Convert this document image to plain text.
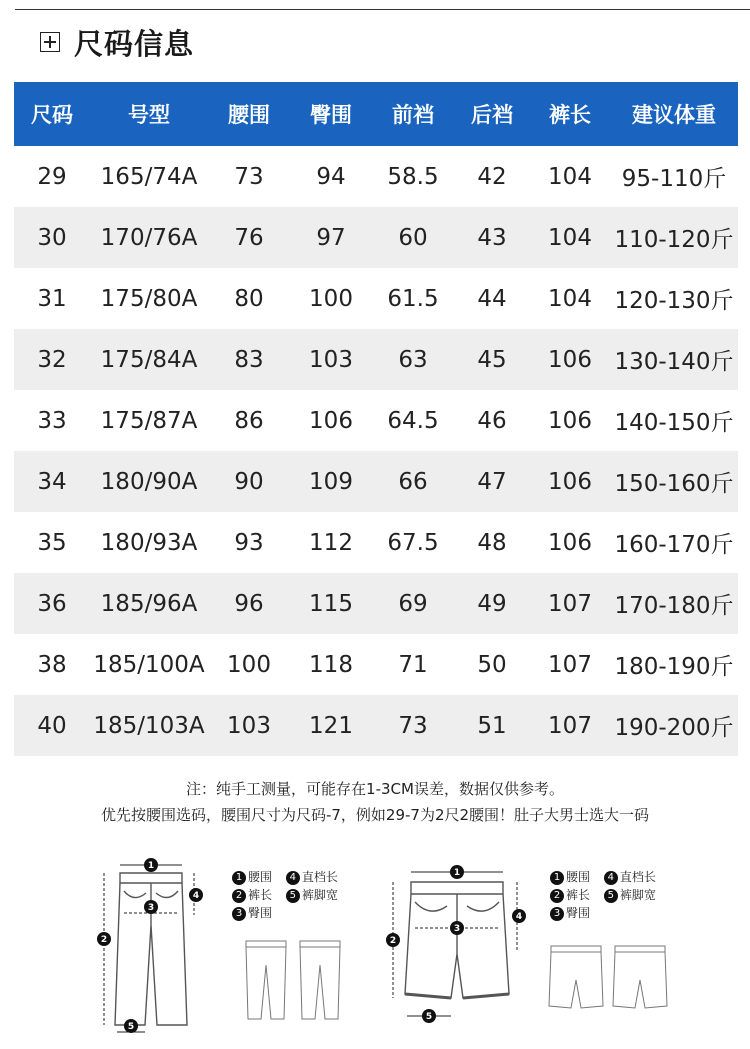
尺码信息
尺码	号型	腰围	臀围	前裆	后裆	裤长	建议体重
29	165/74A	73	94	58.5	42	104	95-110斤
30	170/76A	76	97	60	43	104	110-120斤
31	175/80A	80	100	61.5	44	104	120-130斤
32	175/84A	83	103	63	45	106	130-140斤
33	175/87A	86	106	64.5	46	106	140-150斤
34	180/90A	90	109	66	47	106	150-160斤
35	180/93A	93	112	67.5	48	106	160-170斤
36	185/96A	96	115	69	49	107	170-180斤
38	185/100A	100	118	71	50	107	180-190斤
40	185/103A	103	121	73	51	107	190-200斤
注：纯手工测量，可能存在1-3CM误差，数据仅供参考。
优先按腰围选码，腰围尺寸为尺码-7，例如29-7为2尺2腰围！肚子大男士选大一码
1
2
3
4
5
1 腰围 4 直档长
2 裤长 5 裤脚宽
3 臀围
1
2
3
4
5
1 腰围 4 直档长
2 裤长 5 裤脚宽
3 臀围
